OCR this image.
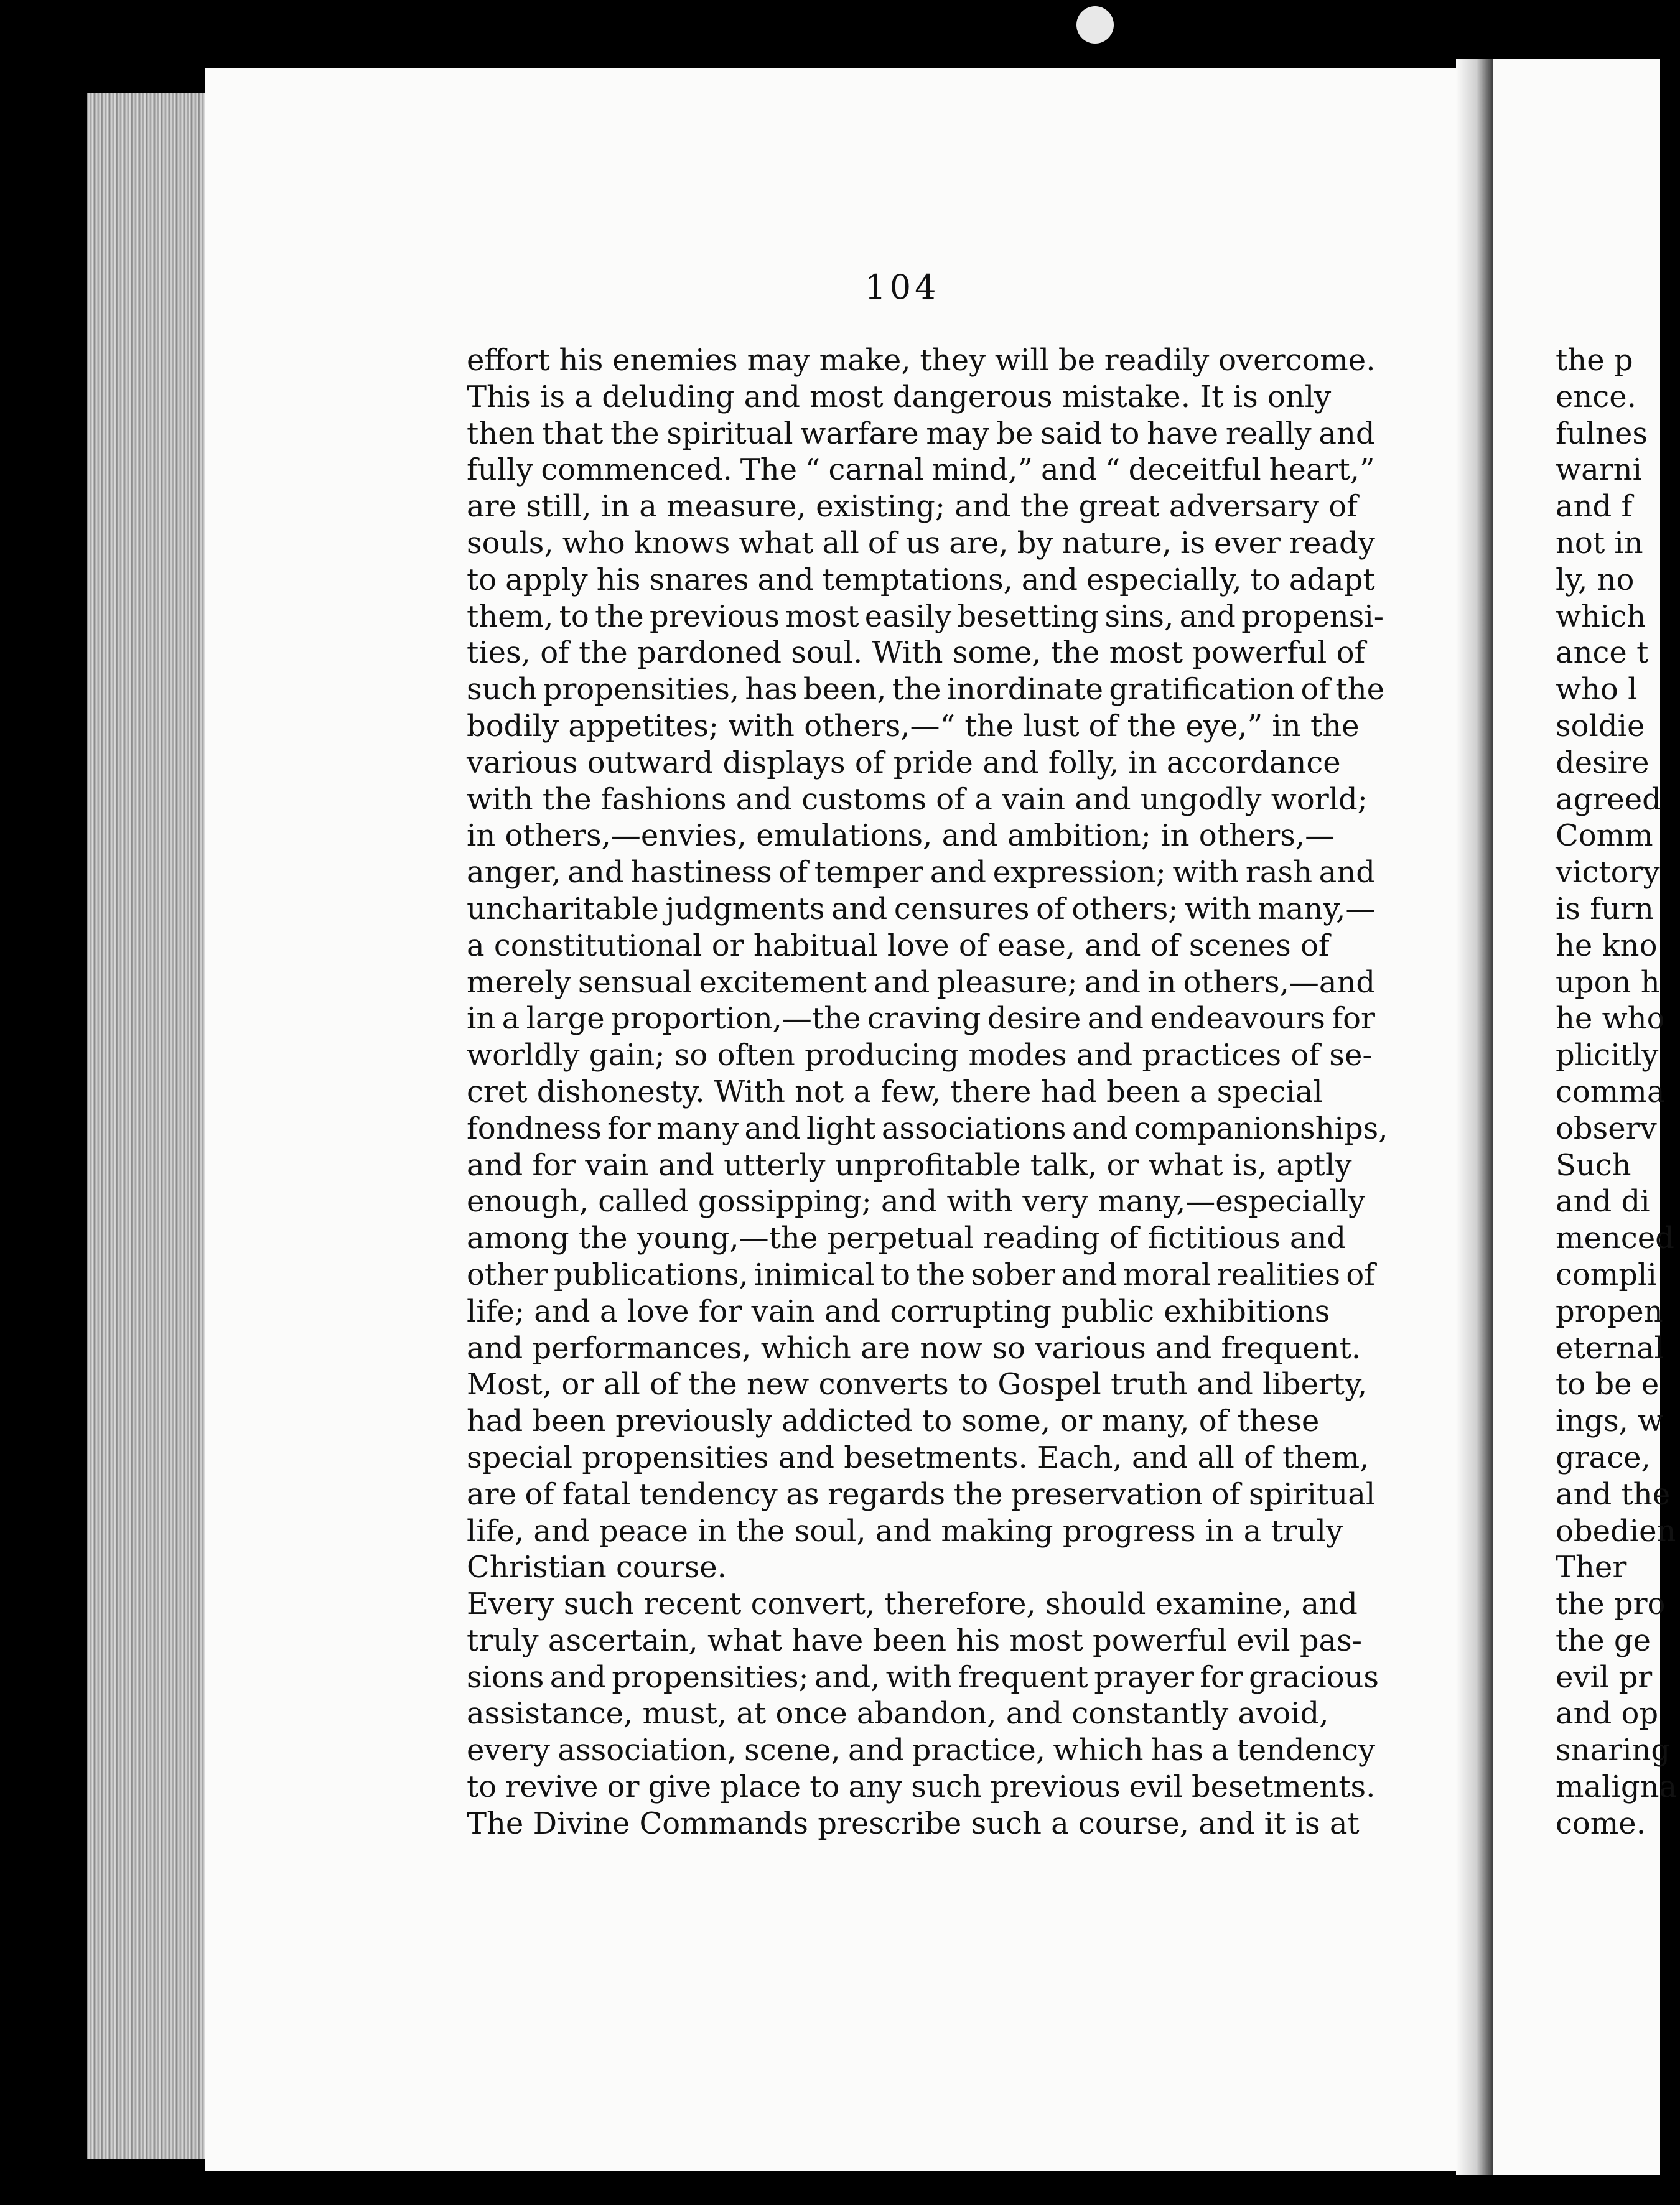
104
effort his enemies may make, they will be readily overcome.
This is a deluding and most dangerous mistake. It is only
then that the spiritual warfare may be said to have really and
fully commenced. The “ carnal mind,” and “ deceitful heart,”
are still, in a measure, existing; and the great adversary of
souls, who knows what all of us are, by nature, is ever ready
to apply his snares and temptations, and especially, to adapt
them, to the previous most easily besetting sins, and propensi-
ties, of the pardoned soul. With some, the most powerful of
such propensities, has been, the inordinate gratification of the
bodily appetites; with others,—“ the lust of the eye,” in the
various outward displays of pride and folly, in accordance
with the fashions and customs of a vain and ungodly world;
in others,—envies, emulations, and ambition; in others,—
anger, and hastiness of temper and expression; with rash and
uncharitable judgments and censures of others; with many,—
a constitutional or habitual love of ease, and of scenes of
merely sensual excitement and pleasure; and in others,—and
in a large proportion,—the craving desire and endeavours for
worldly gain; so often producing modes and practices of se-
cret dishonesty. With not a few, there had been a special
fondness for many and light associations and companionships,
and for vain and utterly unprofitable talk, or what is, aptly
enough, called gossipping; and with very many,—especially
among the young,—the perpetual reading of fictitious and
other publications, inimical to the sober and moral realities of
life; and a love for vain and corrupting public exhibitions
and performances, which are now so various and frequent.
Most, or all of the new converts to Gospel truth and liberty,
had been previously addicted to some, or many, of these
special propensities and besetments. Each, and all of them,
are of fatal tendency as regards the preservation of spiritual
life, and peace in the soul, and making progress in a truly
Christian course.
Every such recent convert, therefore, should examine, and
truly ascertain, what have been his most powerful evil pas-
sions and propensities; and, with frequent prayer for gracious
assistance, must, at once abandon, and constantly avoid,
every association, scene, and practice, which has a tendency
to revive or give place to any such previous evil besetments.
The Divine Commands prescribe such a course, and it is at
the p
ence.
fulnes
warni
and f
not in
ly, no
which
ance t
who l
soldie
desire
agreed
Comm
victory
is furn
he kno
upon h
he who
plicitly
comma
observ
Such
and di
menced
compli
propen
eternal
to be e
ings, w
grace,
and the
obedien
Ther
the pro
the ge
evil pr
and op
snaring
maligna
come.
